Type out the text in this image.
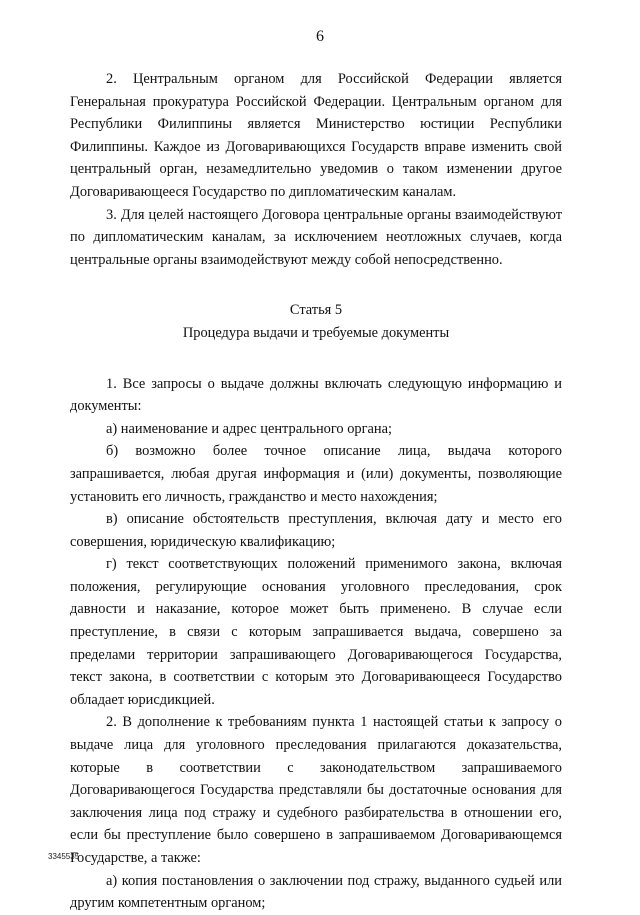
6

2. Центральным органом для Российской Федерации является Генеральная прокуратура Российской Федерации. Центральным органом для Республики Филиппины является Министерство юстиции Республики Филиппины. Каждое из Договаривающихся Государств вправе изменить свой центральный орган, незамедлительно уведомив о таком изменении другое Договаривающееся Государство по дипломатическим каналам.

3. Для целей настоящего Договора центральные органы взаимодействуют по дипломатическим каналам, за исключением неотложных случаев, когда центральные органы взаимодействуют между собой непосредственно.

Статья 5

Процедура выдачи и требуемые документы

1. Все запросы о выдаче должны включать следующую информацию и документы:

а) наименование и адрес центрального органа;

б) возможно более точное описание лица, выдача которого запрашивается, любая другая информация и (или) документы, позволяющие установить его личность, гражданство и место нахождения;

в) описание обстоятельств преступления, включая дату и место его совершения, юридическую квалификацию;

г) текст соответствующих положений применимого закона, включая положения, регулирующие основания уголовного преследования, срок давности и наказание, которое может быть применено. В случае если преступление, в связи с которым запрашивается выдача, совершено за пределами территории запрашивающего Договаривающегося Государства, текст закона, в соответствии с которым это Договаривающееся Государство обладает юрисдикцией.

2. В дополнение к требованиям пункта 1 настоящей статьи к запросу о выдаче лица для уголовного преследования прилагаются доказательства, которые в соответствии с законодательством запрашиваемого Договаривающегося Государства представляли бы достаточные основания для заключения лица под стражу и судебного разбирательства в отношении его, если бы преступление было совершено в запрашиваемом Договаривающемся Государстве, а также:

а) копия постановления о заключении под стражу, выданного судьей или другим компетентным органом;

3345535
